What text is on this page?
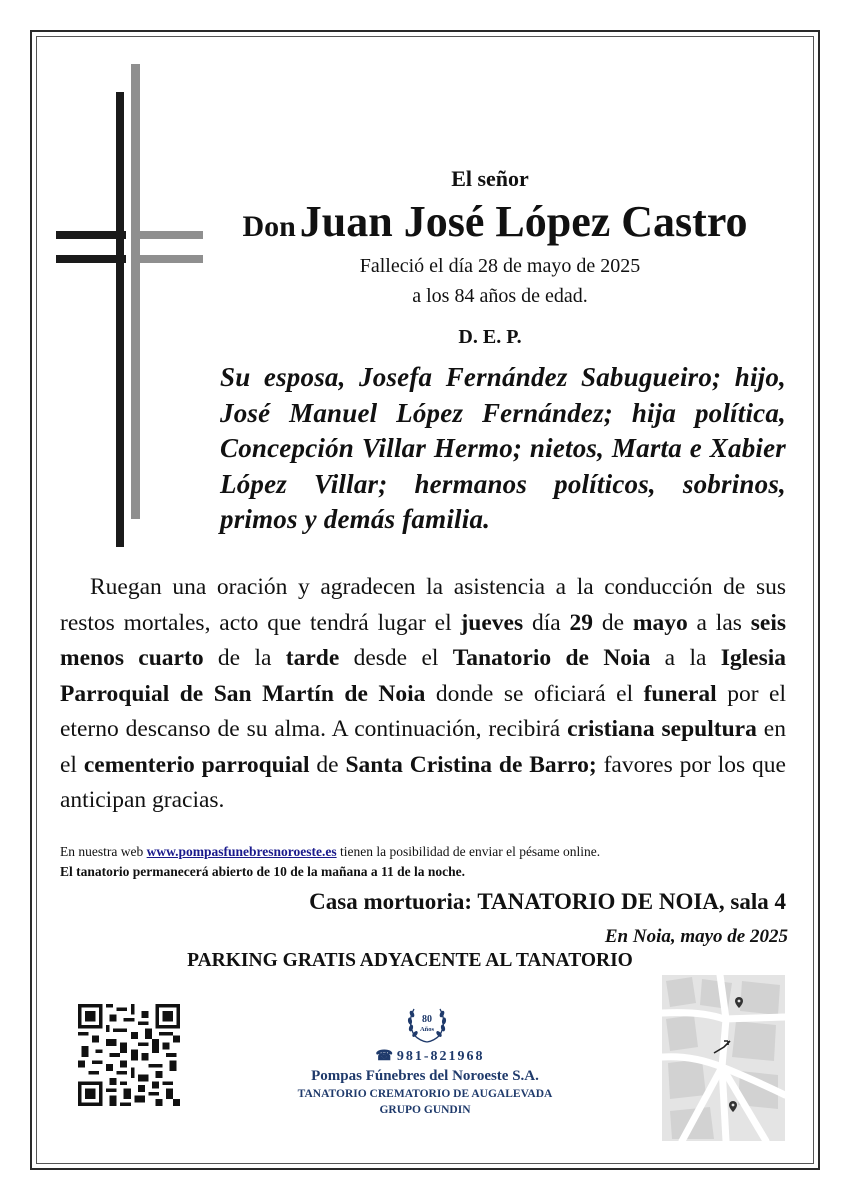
El señor
Don Juan José López Castro
Falleció el día 28 de mayo de 2025
a los 84 años de edad.
D. E. P.
Su esposa, Josefa Fernández Sabugueiro; hijo, José Manuel López Fernández; hija política, Concepción Villar Hermo; nietos, Marta e Xabier López Villar; hermanos políticos, sobrinos, primos y demás familia.
Ruegan una oración y agradecen la asistencia a la conducción de sus restos mortales, acto que tendrá lugar el jueves día 29 de mayo a las seis menos cuarto de la tarde desde el Tanatorio de Noia a la Iglesia Parroquial de San Martín de Noia donde se oficiará el funeral por el eterno descanso de su alma. A continuación, recibirá cristiana sepultura en el cementerio parroquial de Santa Cristina de Barro; favores por los que anticipan gracias.
En nuestra web www.pompasfunebresnoroeste.es tienen la posibilidad de enviar el pésame online.
El tanatorio permanecerá abierto de 10 de la mañana a 11 de la noche.
Casa mortuoria: TANATORIO DE NOIA, sala 4
En Noia, mayo de 2025
PARKING GRATIS ADYACENTE AL TANATORIO
80
Años
☎ 981-821968
Pompas Fúnebres del Noroeste S.A.
TANATORIO CREMATORIO DE AUGALEVADA
GRUPO GUNDIN
